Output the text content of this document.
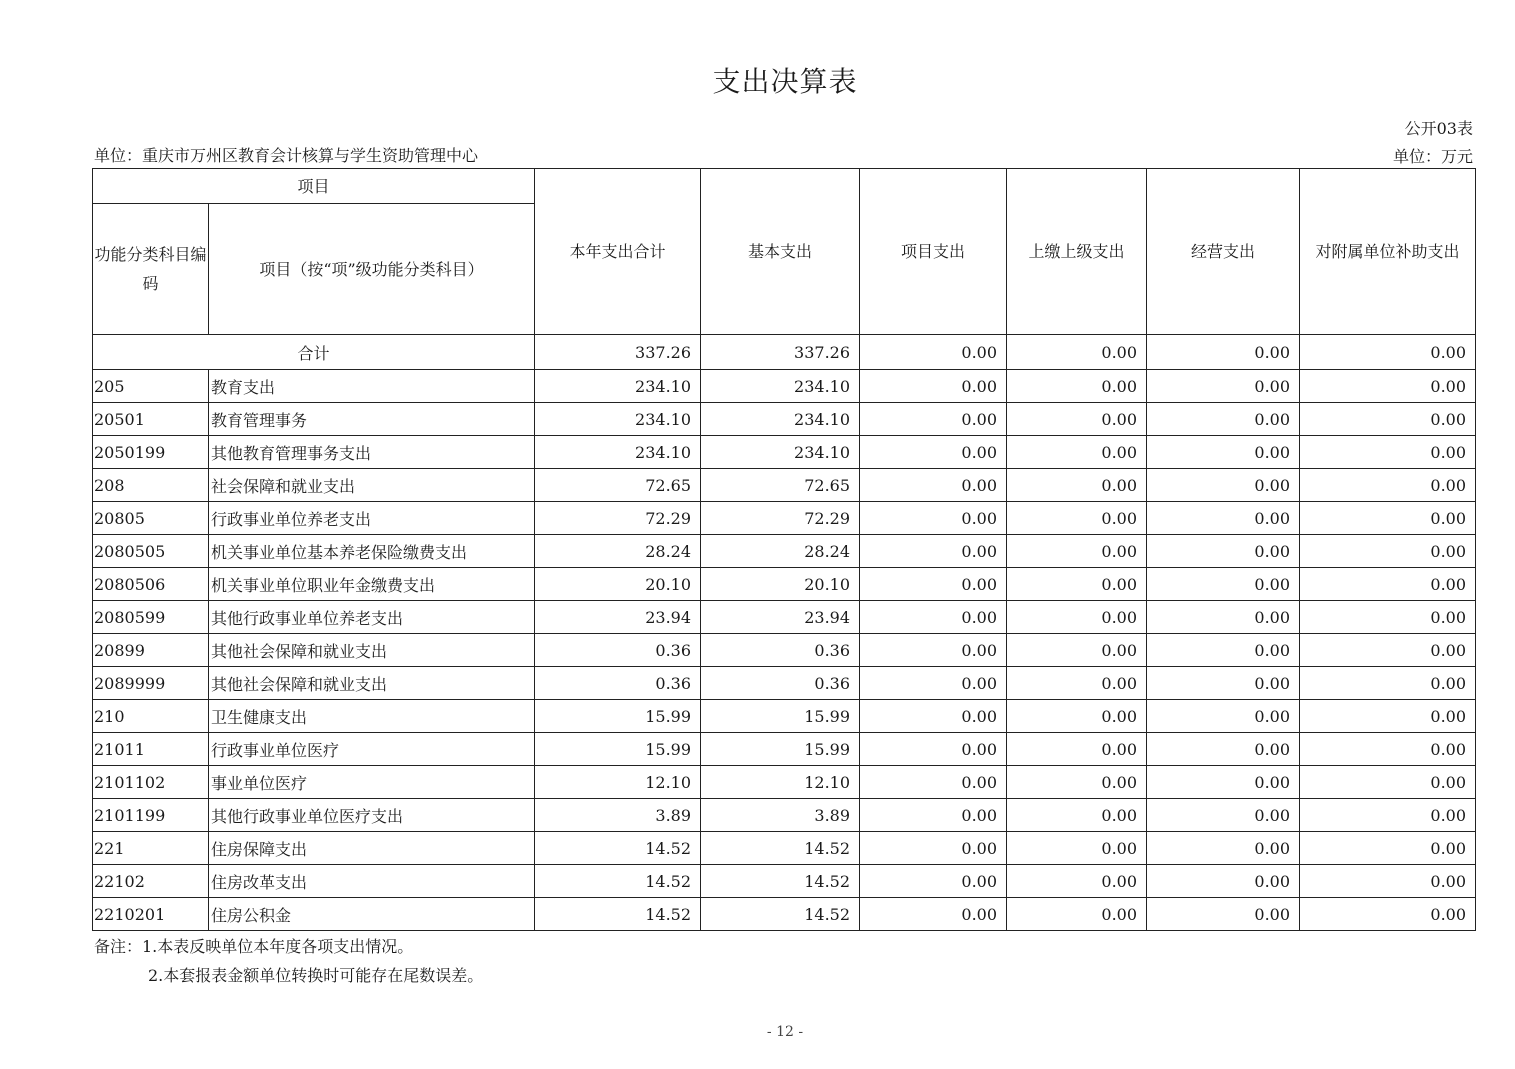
支出决算表
公开03表
单位：重庆市万州区教育会计核算与学生资助管理中心	单位：万元
项目		本年支出合计	基本支出	项目支出	上缴上级支出	经营支出	对附属单位补助支出
功能分类科目编码	项目（按“项”级功能分类科目）						
合计		337.26	337.26	0.00	0.00	0.00	0.00
205	教育支出	234.10	234.10	0.00	0.00	0.00	0.00
20501	教育管理事务	234.10	234.10	0.00	0.00	0.00	0.00
2050199	其他教育管理事务支出	234.10	234.10	0.00	0.00	0.00	0.00
208	社会保障和就业支出	72.65	72.65	0.00	0.00	0.00	0.00
20805	行政事业单位养老支出	72.29	72.29	0.00	0.00	0.00	0.00
2080505	机关事业单位基本养老保险缴费支出	28.24	28.24	0.00	0.00	0.00	0.00
2080506	机关事业单位职业年金缴费支出	20.10	20.10	0.00	0.00	0.00	0.00
2080599	其他行政事业单位养老支出	23.94	23.94	0.00	0.00	0.00	0.00
20899	其他社会保障和就业支出	0.36	0.36	0.00	0.00	0.00	0.00
2089999	其他社会保障和就业支出	0.36	0.36	0.00	0.00	0.00	0.00
210	卫生健康支出	15.99	15.99	0.00	0.00	0.00	0.00
21011	行政事业单位医疗	15.99	15.99	0.00	0.00	0.00	0.00
2101102	事业单位医疗	12.10	12.10	0.00	0.00	0.00	0.00
2101199	其他行政事业单位医疗支出	3.89	3.89	0.00	0.00	0.00	0.00
221	住房保障支出	14.52	14.52	0.00	0.00	0.00	0.00
22102	住房改革支出	14.52	14.52	0.00	0.00	0.00	0.00
2210201	住房公积金	14.52	14.52	0.00	0.00	0.00	0.00
备注：1.本表反映单位本年度各项支出情况。
2.本套报表金额单位转换时可能存在尾数误差。
- 12 -
